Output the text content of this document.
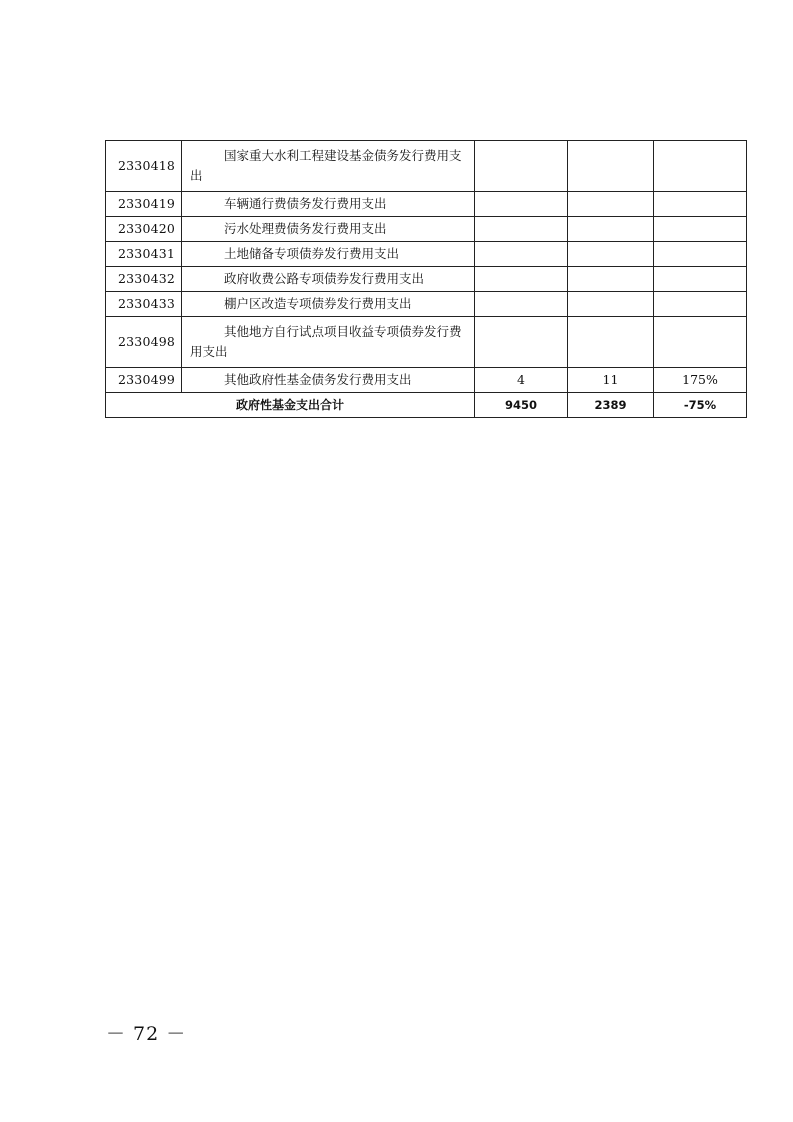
2330418	国家重大水利工程建设基金债务发行费用支出			

2330419	车辆通行费债务发行费用支出			

2330420	污水处理费债务发行费用支出			

2330431	土地储备专项债券发行费用支出			

2330432	政府收费公路专项债券发行费用支出			

2330433	棚户区改造专项债券发行费用支出			

2330498	其他地方自行试点项目收益专项债券发行费用支出			

2330499	其他政府性基金债务发行费用支出	4	11	175%
政府性基金支出合计		9450	2389	-75%
－ 72 －
